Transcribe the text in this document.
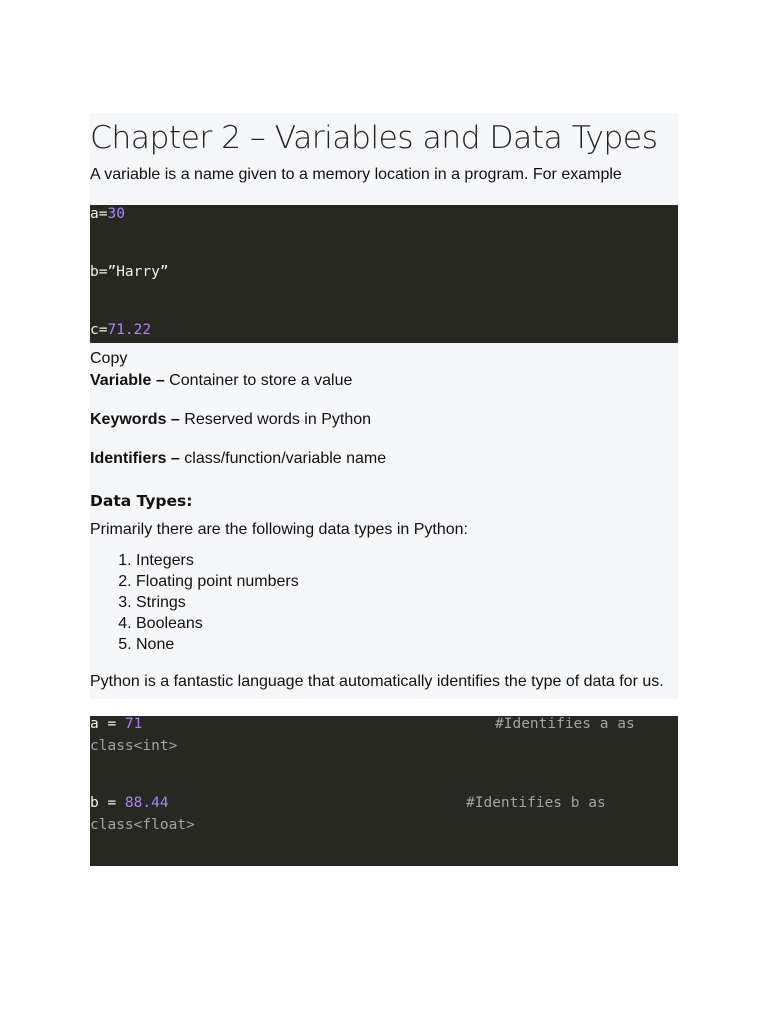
Chapter 2 – Variables and Data Types
A variable is a name given to a memory location in a program. For example
a=30
b=”Harry”
c=71.22
Copy

Variable – Container to store a value

Keywords – Reserved words in Python

Identifiers – class/function/variable name

Data Types:

Primarily there are the following data types in Python:

1. Integers
2. Floating point numbers
3. Strings
4. Booleans
5. None

Python is a fantastic language that automatically identifies the type of data for us.

a = 71	#Identifies a as
class<int>
b = 88.44	#Identifies b as
class<float>
